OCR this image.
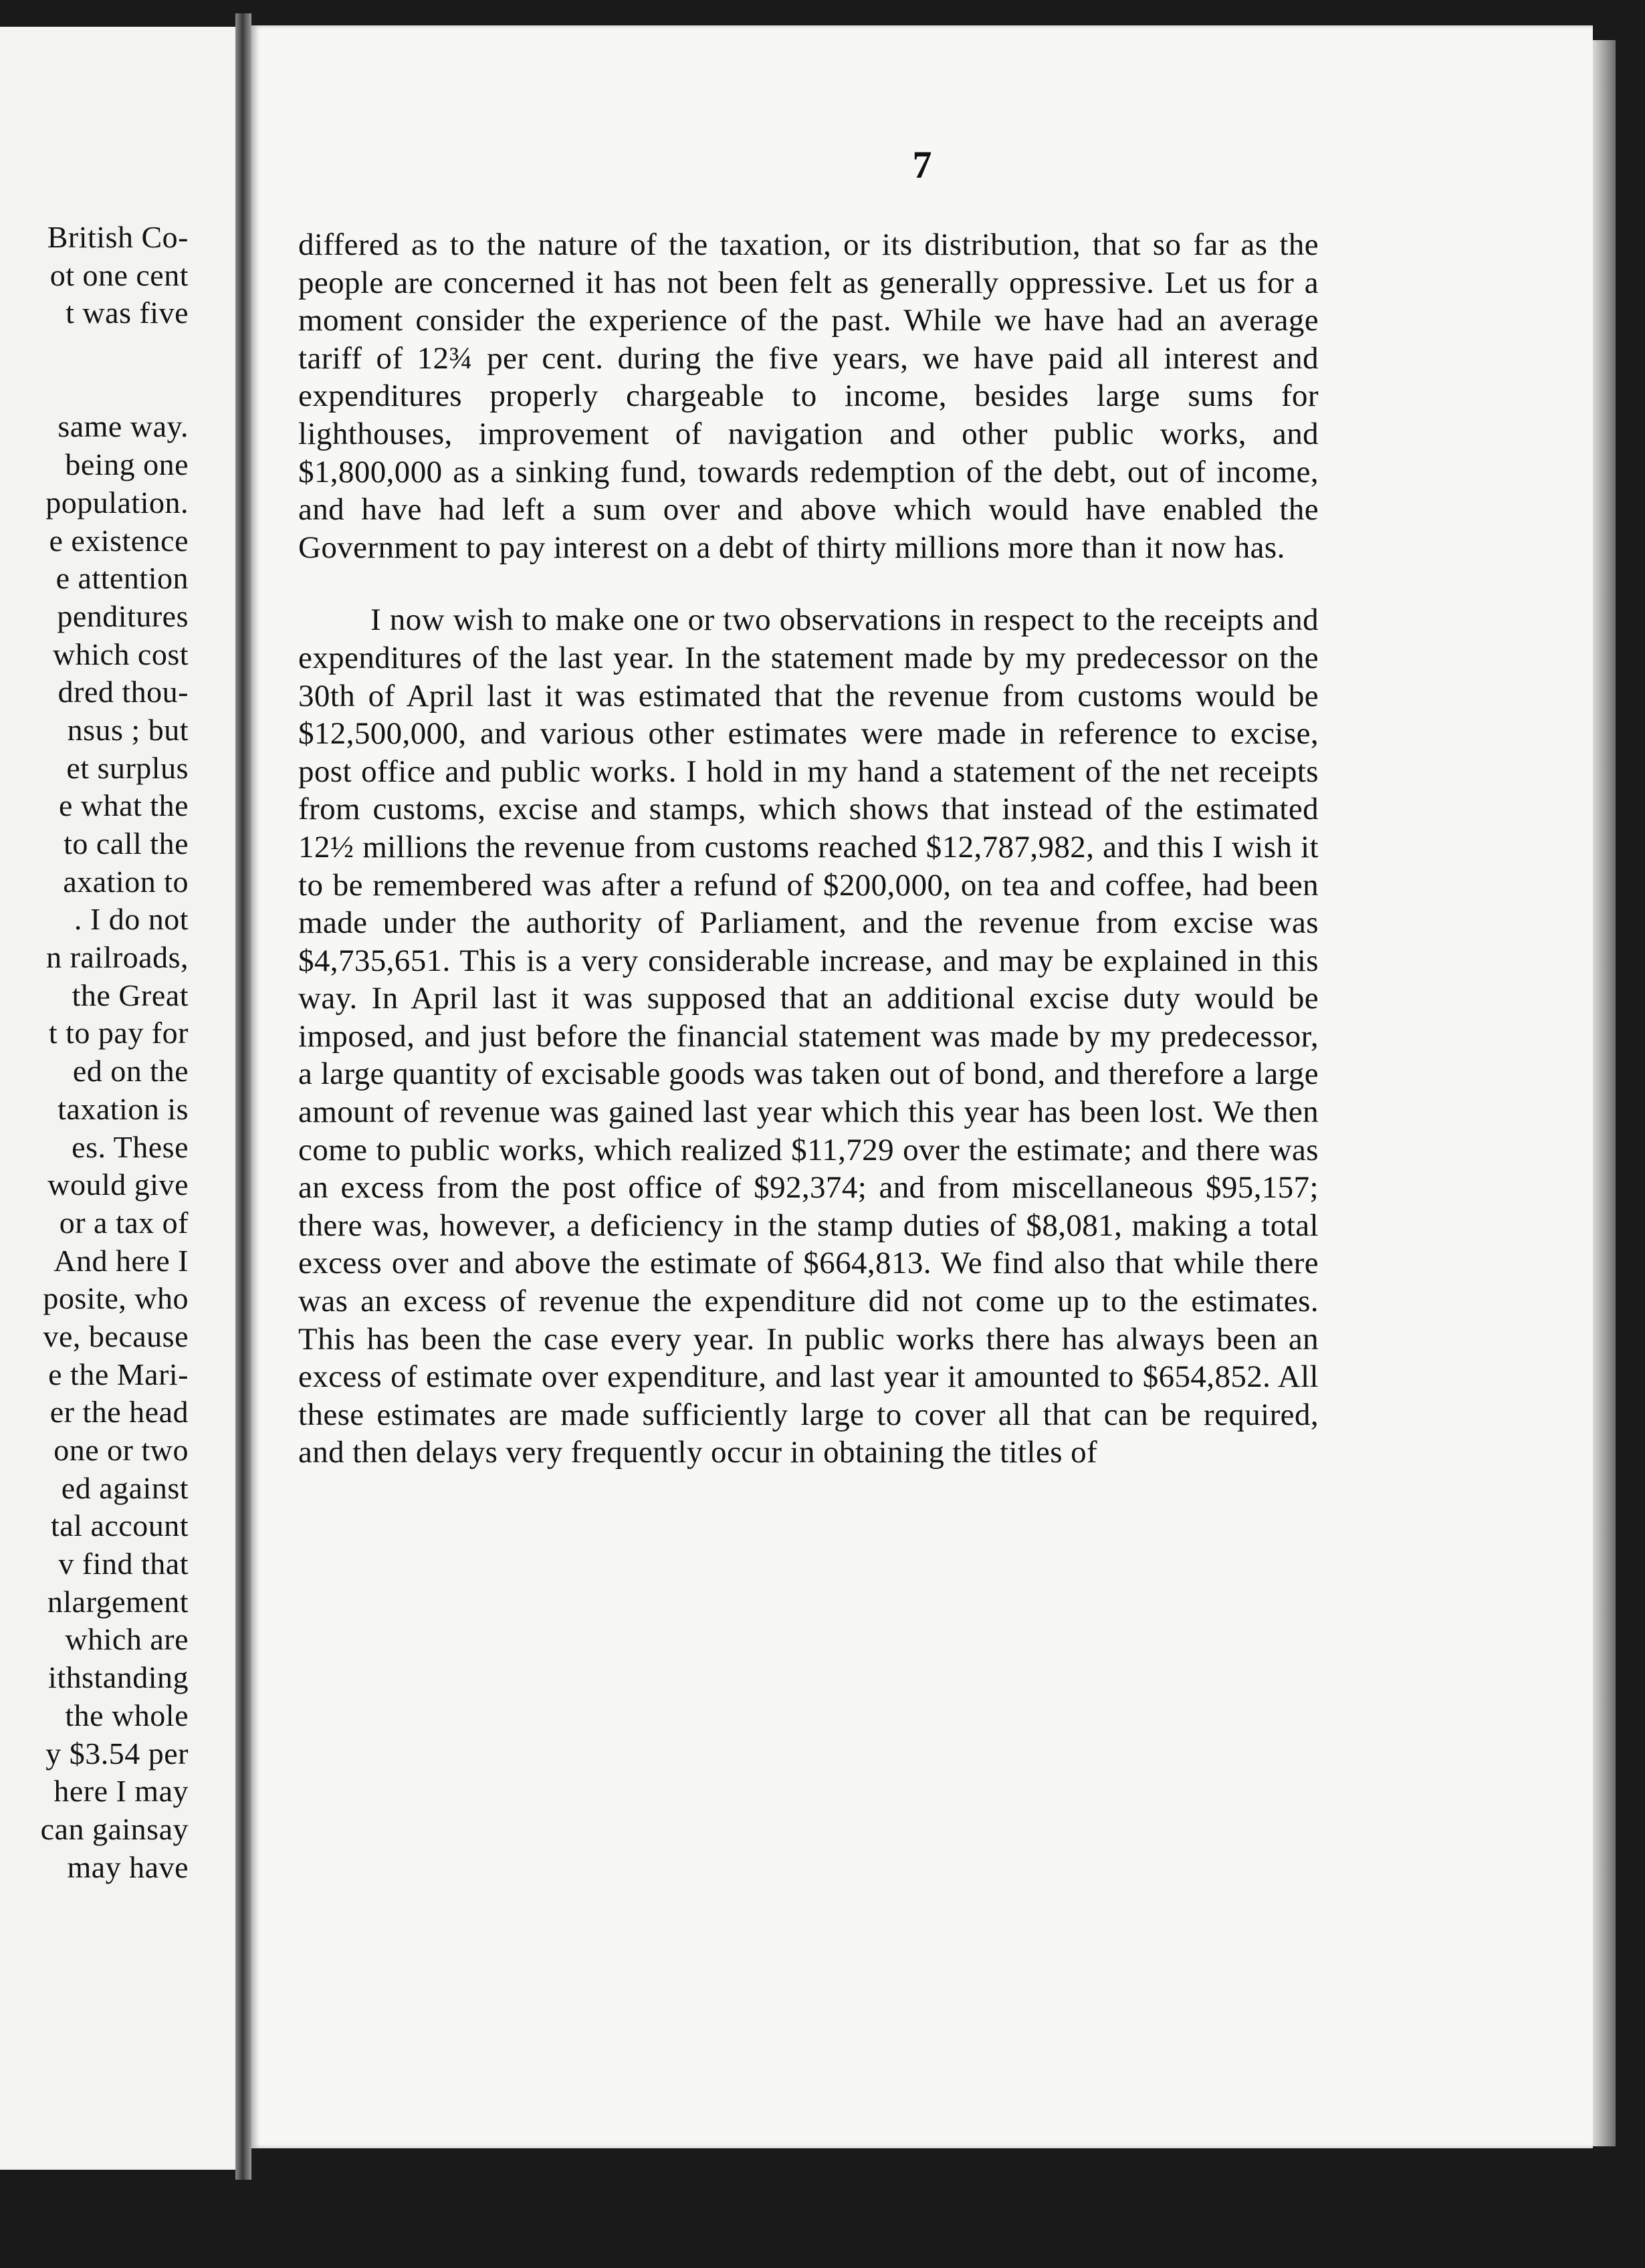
British Co-
ot one cent
t was five
same way.
being one
population.
e existence
e attention
penditures
which cost
dred thou-
nsus ; but
et surplus
e what the
to call the
axation to
. I do not
n railroads,
the Great
t to pay for
ed on the
taxation is
es. These
would give
or a tax of
And here I
posite, who
ve, because
e the Mari-
er the head
one or two
ed against
tal account
v find that
nlargement
which are
ithstanding
the whole
y $3.54 per
here I may
can gainsay
may have
7

differed as to the nature of the taxation, or its distribution, that so far as the people are concerned it has not been felt as generally oppressive. Let us for a moment consider the experience of the past. While we have had an average tariff of 12¾ per cent. during the five years, we have paid all interest and expenditures properly chargeable to income, besides large sums for lighthouses, improvement of navigation and other public works, and $1,800,000 as a sinking fund, towards redemption of the debt, out of income, and have had left a sum over and above which would have enabled the Government to pay interest on a debt of thirty millions more than it now has.

I now wish to make one or two observations in respect to the receipts and expenditures of the last year. In the statement made by my predecessor on the 30th of April last it was estimated that the revenue from customs would be $12,500,000, and various other estimates were made in reference to excise, post office and public works. I hold in my hand a statement of the net receipts from customs, excise and stamps, which shows that instead of the estimated 12½ millions the revenue from customs reached $12,787,982, and this I wish it to be remembered was after a refund of $200,000, on tea and coffee, had been made under the authority of Parliament, and the revenue from excise was $4,735,651. This is a very considerable increase, and may be explained in this way. In April last it was supposed that an additional excise duty would be imposed, and just before the financial statement was made by my predecessor, a large quantity of excisable goods was taken out of bond, and therefore a large amount of revenue was gained last year which this year has been lost. We then come to public works, which realized $11,729 over the estimate; and there was an excess from the post office of $92,374; and from miscellaneous $95,157; there was, however, a deficiency in the stamp duties of $8,081, making a total excess over and above the estimate of $664,813. We find also that while there was an excess of revenue the expenditure did not come up to the estimates. This has been the case every year. In public works there has always been an excess of estimate over expenditure, and last year it amounted to $654,852. All these estimates are made sufficiently large to cover all that can be required, and then delays very frequently occur in obtaining the titles of
